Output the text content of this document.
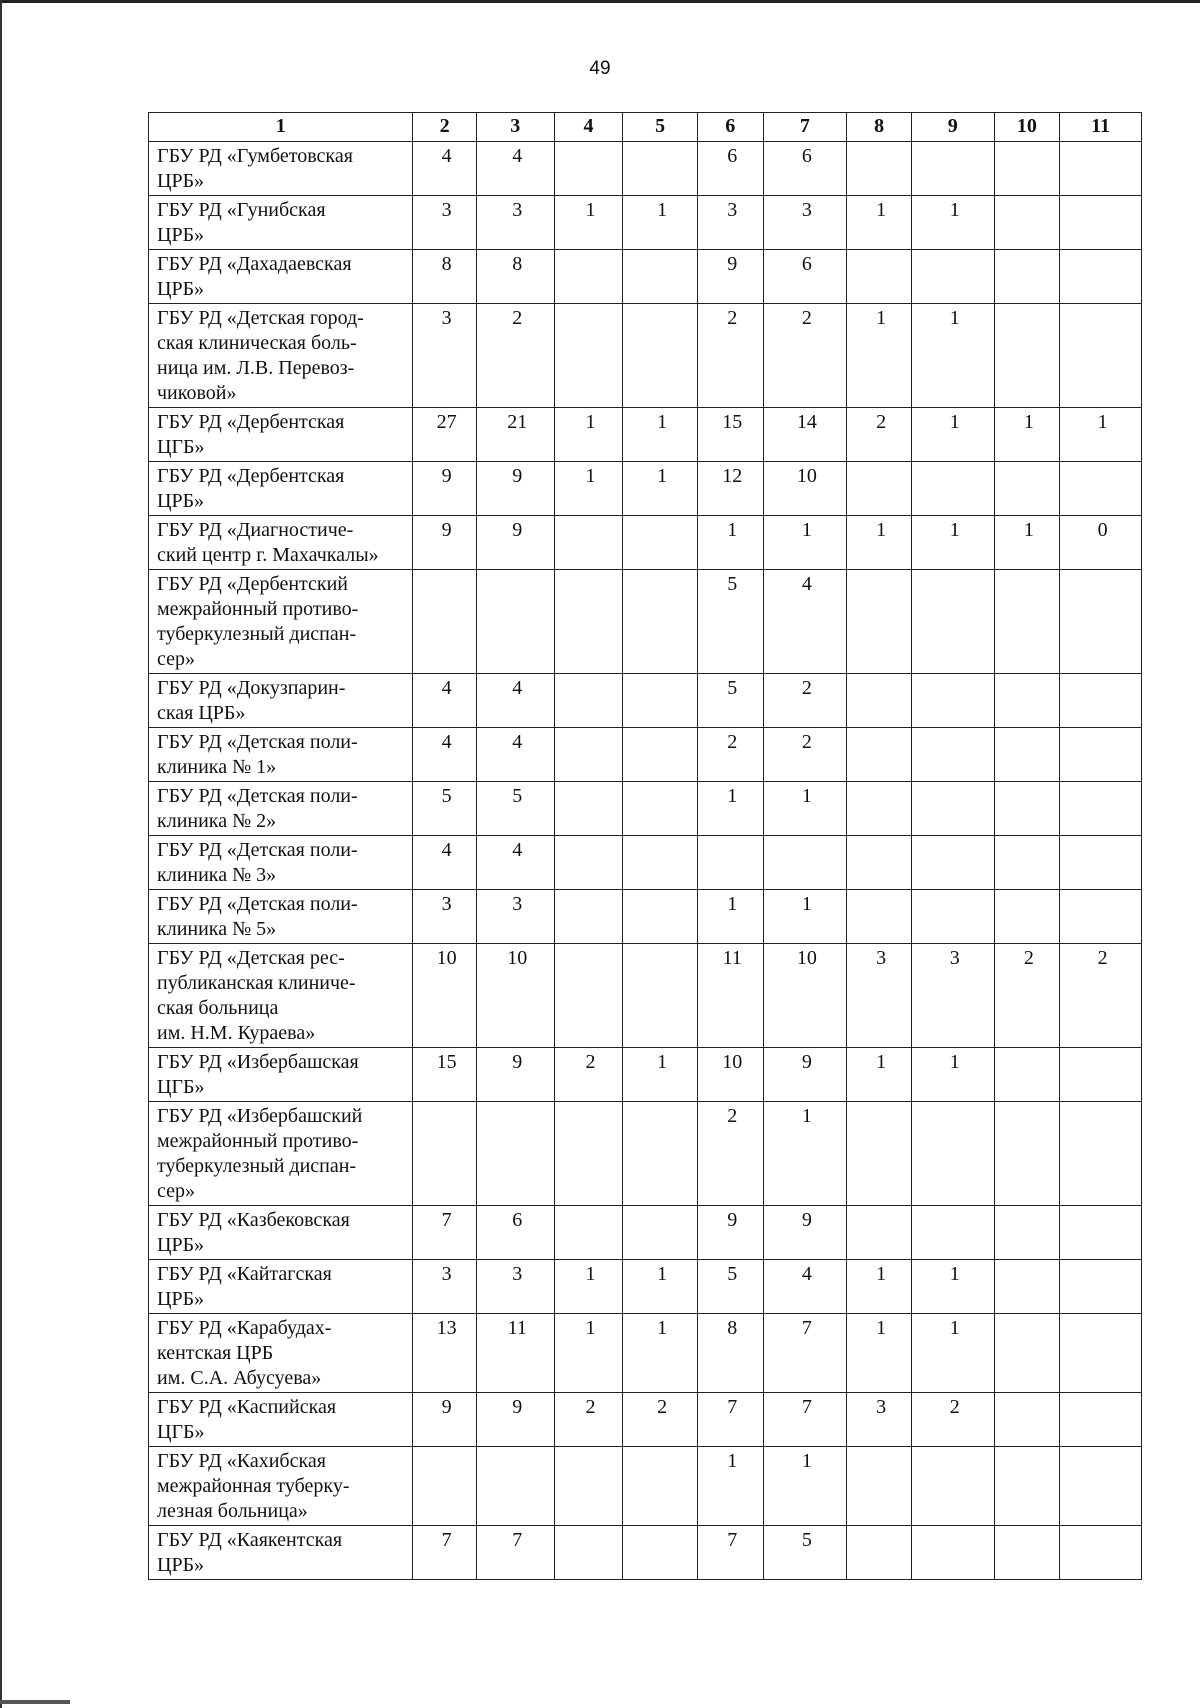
49
1	2	3	4	5	6	7	8	9	10	11
ГБУ РД «Гумбетовская
ЦРБ»	4	4			6	6				
ГБУ РД «Гунибская
ЦРБ»	3	3	1	1	3	3	1	1		
ГБУ РД «Дахадаевская
ЦРБ»	8	8			9	6				
ГБУ РД «Детская город-
ская клиническая боль-
ница им. Л.В. Перевоз-
чиковой»	3	2			2	2	1	1		
ГБУ РД «Дербентская
ЦГБ»	27	21	1	1	15	14	2	1	1	1
ГБУ РД «Дербентская
ЦРБ»	9	9	1	1	12	10				
ГБУ РД «Диагностиче-
ский центр г. Махачкалы»	9	9			1	1	1	1	1	0
ГБУ РД «Дербентский
межрайонный противо-
туберкулезный диспан-
сер»					5	4				
ГБУ РД «Докузпарин-
ская ЦРБ»	4	4			5	2				
ГБУ РД «Детская поли-
клиника № 1»	4	4			2	2				
ГБУ РД «Детская поли-
клиника № 2»	5	5			1	1				
ГБУ РД «Детская поли-
клиника № 3»	4	4								
ГБУ РД «Детская поли-
клиника № 5»	3	3			1	1				
ГБУ РД «Детская рес-
публиканская клиниче-
ская больница
им. Н.М. Кураева»	10	10			11	10	3	3	2	2
ГБУ РД «Избербашская
ЦГБ»	15	9	2	1	10	9	1	1		
ГБУ РД «Избербашский
межрайонный противо-
туберкулезный диспан-
сер»					2	1				
ГБУ РД «Казбековская
ЦРБ»	7	6			9	9				
ГБУ РД «Кайтагская
ЦРБ»	3	3	1	1	5	4	1	1		
ГБУ РД «Карабудах-
кентская ЦРБ
им. С.А. Абусуева»	13	11	1	1	8	7	1	1		
ГБУ РД «Каспийская
ЦГБ»	9	9	2	2	7	7	3	2		
ГБУ РД «Кахибская
межрайонная туберку-
лезная больница»					1	1				
ГБУ РД «Каякентская
ЦРБ»	7	7			7	5				
